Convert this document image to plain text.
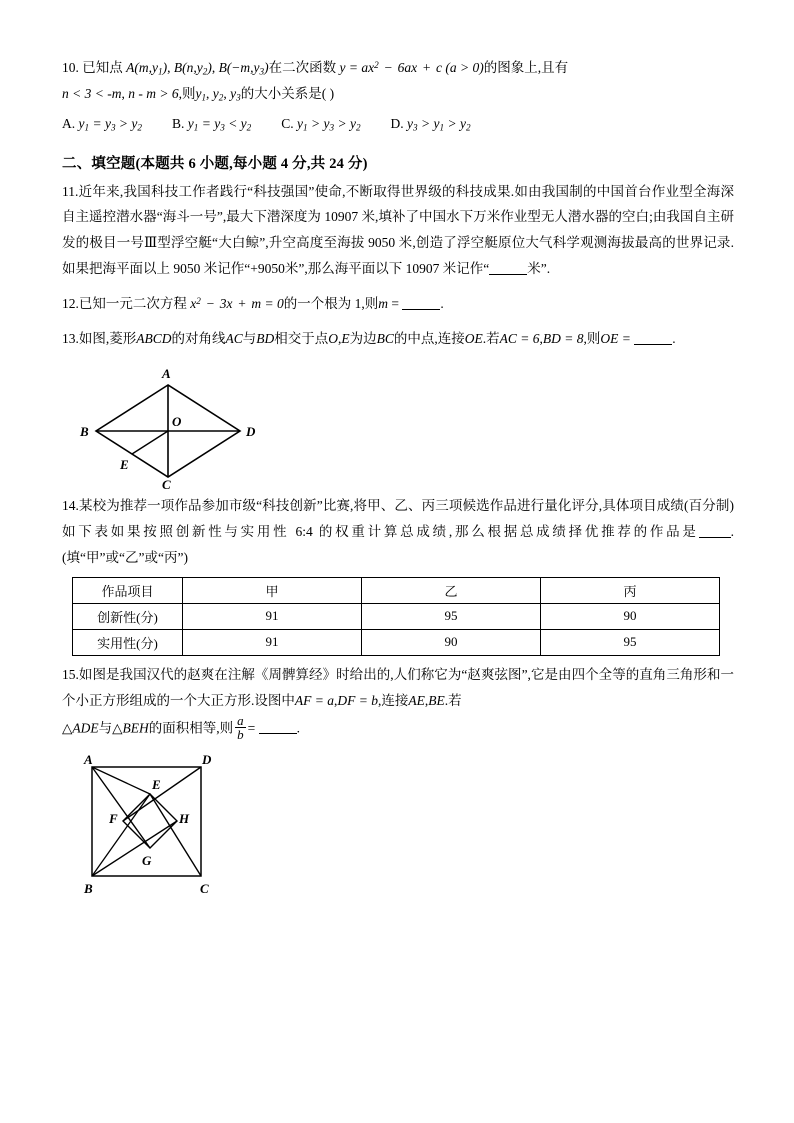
10. 已知点 $A(m,y_1)$, $B(n,y_2)$, $B(-m,y_3)$在二次函数 $y = ax^2 - 6ax + c$ (a > 0)的图象上,且有
n < 3 < -m, n - m > 6,则$y_1$, $y_2$, $y_3$的大小关系是( )
A. $y_1 = y_3 > y_2$ B. $y_1 = y_3 < y_2$ C. $y_1 > y_3 > y_2$ D. $y_3 > y_1 > y_2$
二、填空题(本题共 6 小题,每小题 4 分,共 24 分)
11.近年来,我国科技工作者践行“科技强国”使命,不断取得世界级的科技成果.如由我国制的中国首台作业型全海深自主遥控潜水器“海斗一号”,最大下潜深度为 10907 米,填补了中国水下万米作业型无人潜水器的空白;由我国自主研发的极目一号Ⅲ型浮空艇“大白鲸”,升空高度至海拔 9050 米,创造了浮空艇原位大气科学观测海拔最高的世界记录.如果把海平面以上 9050 米记作“+9050米”,那么海平面以下 10907 米记作“	米”.
12.已知一元二次方程 $x^2 - 3x + m = 0$的一个根为 1,则m =	.
13.如图,菱形ABCD的对角线AC与BD相交于点O,E为边BC的中点,连接OE.若AC = 6,BD = 8,则OE =	.
A
B
C
D
O
E
14.某校为推荐一项作品参加市级“科技创新”比赛,将甲、乙、丙三项候选作品进行量化评分,具体项目成绩(百分制)如下表如果按照创新性与实用性 6:4 的权重计算总成绩,那么根据总成绩择优推荐的作品是 .(填“甲”或“乙”或“丙”)
作品项目	甲	乙	丙
创新性(分)	91	95	90
实用性(分)	91	90	95
15.如图是我国汉代的赵爽在注解《周髀算经》时给出的,人们称它为“赵爽弦图”,它是由四个全等的直角三角形和一个小正方形组成的一个大正方形.设图中AF = a,DF = b,连接AE,BE.若
△ADE与△BEH的面积相等,则 $\frac{a}{b}$ =	.
A	D
B	C
E
F
G
H
